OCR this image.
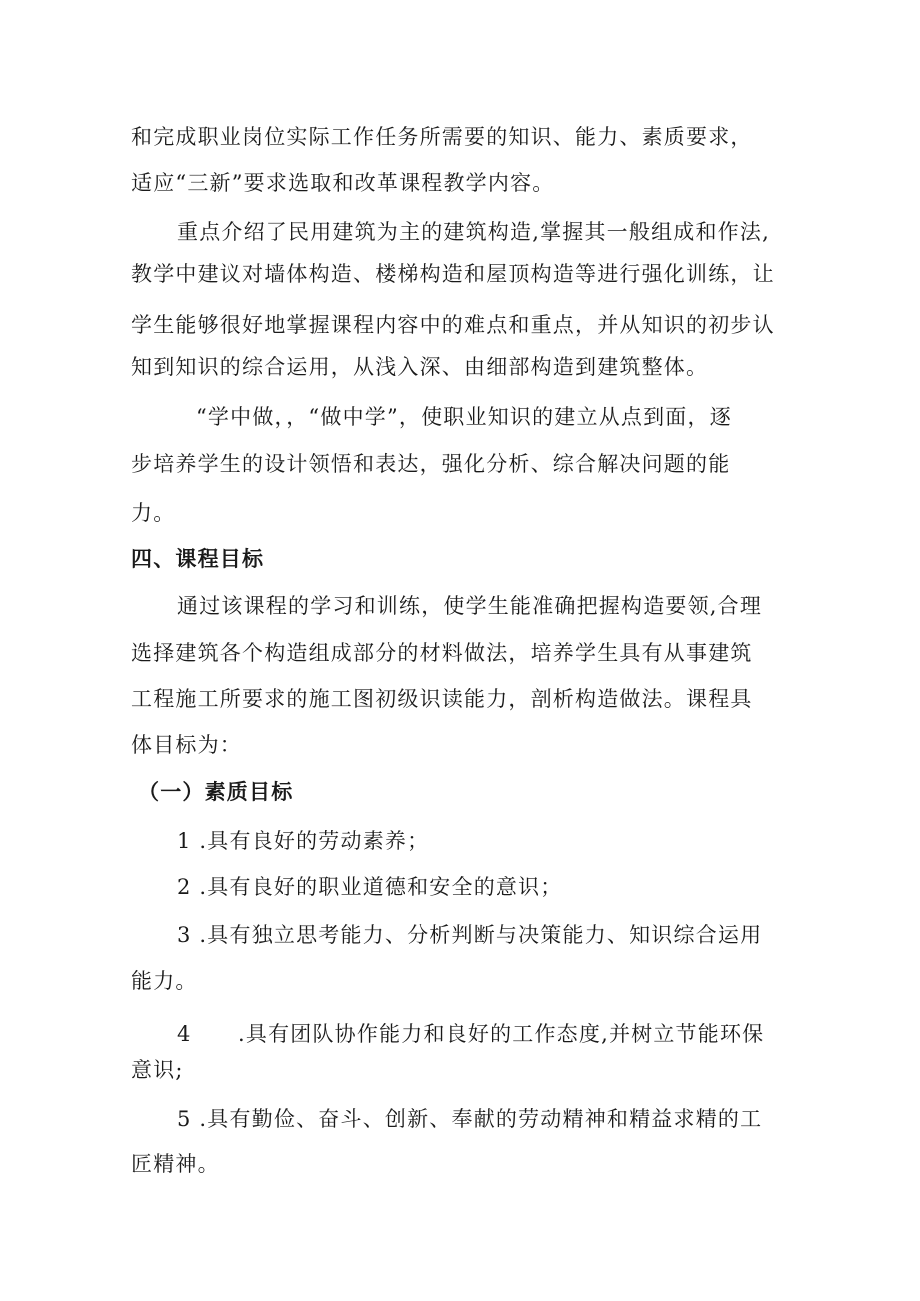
和完成职业岗位实际工作任务所需要的知识、能力、素质要求，

适应“三新”要求选取和改革课程教学内容。

重点介绍了民用建筑为主的建筑构造,掌握其一般组成和作法,

教学中建议对墙体构造、楼梯构造和屋顶构造等进行强化训练，让

学生能够很好地掌握课程内容中的难点和重点，并从知识的初步认

知到知识的综合运用，从浅入深、由细部构造到建筑整体。

“学中做，，“做中学”，使职业知识的建立从点到面，逐

步培养学生的设计领悟和表达，强化分析、综合解决问题的能

力。

四、课程目标

通过该课程的学习和训练，使学生能准确把握构造要领,合理

选择建筑各个构造组成部分的材料做法，培养学生具有从事建筑

工程施工所要求的施工图初级识读能力，剖析构造做法。课程具

体目标为：

（一）素质目标

1 .具有良好的劳动素养；

2 .具有良好的职业道德和安全的意识；

3 .具有独立思考能力、分析判断与决策能力、知识综合运用

能力。

4 .具有团队协作能力和良好的工作态度,并树立节能环保

意识;

5 .具有勤俭、奋斗、创新、奉献的劳动精神和精益求精的工

匠精神。
